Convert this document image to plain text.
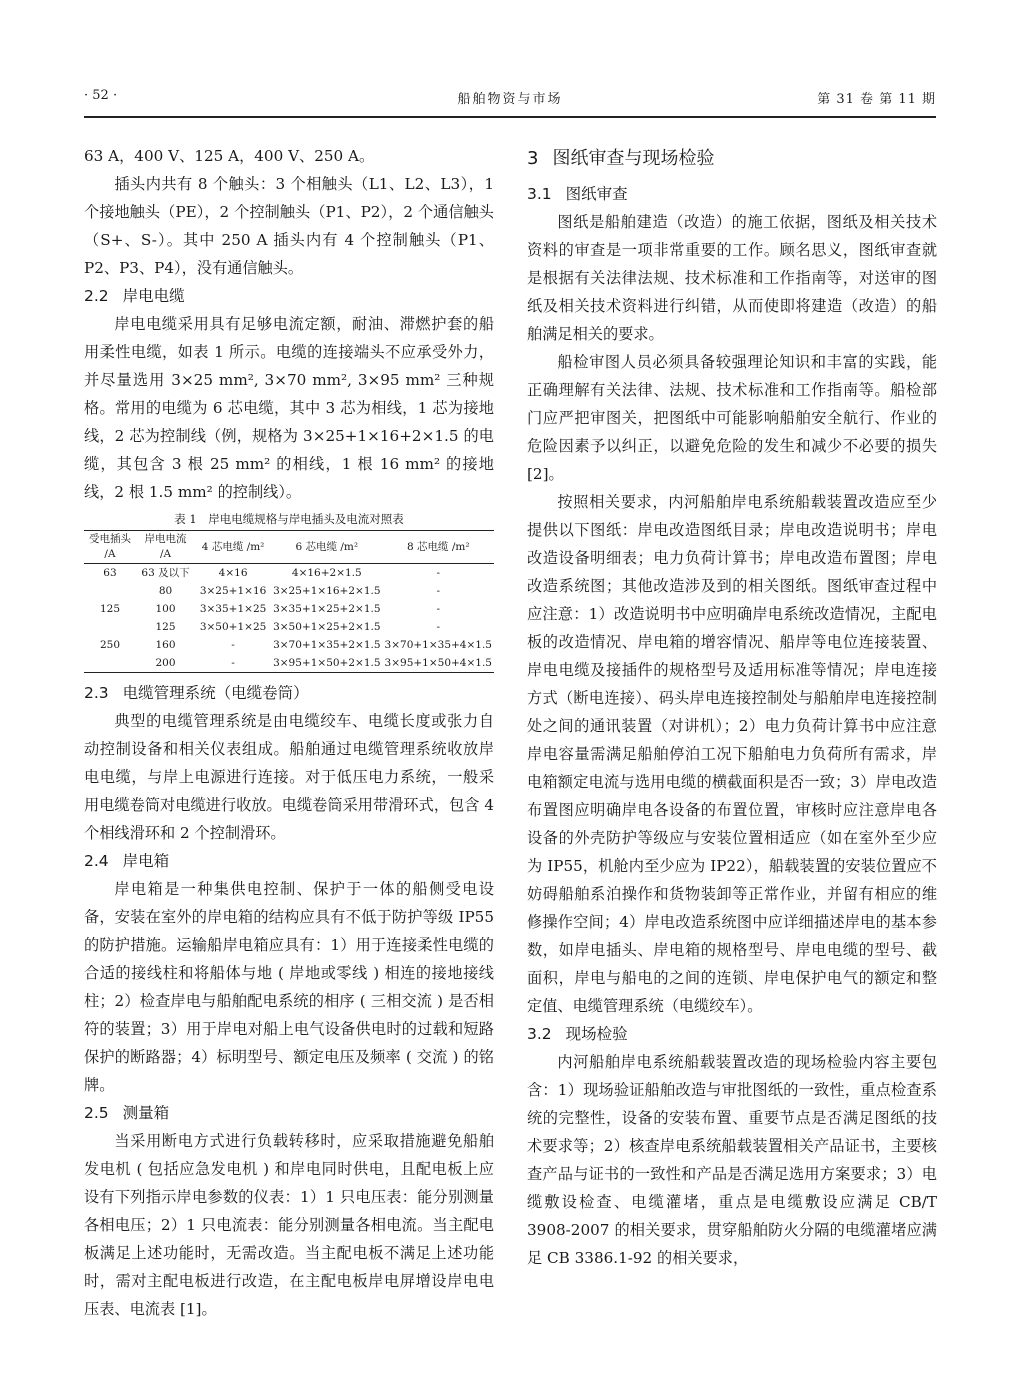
· 52 ·	船舶物资与市场	第 31 卷 第 11 期

63 A，400 V、125 A，400 V、250 A。

插头内共有 8 个触头：3 个相触头（L1、L2、L3），1 个接地触头（PE），2 个控制触头（P1、P2），2 个通信触头（S+、S-）。其中 250 A 插头内有 4 个控制触头（P1、P2、P3、P4），没有通信触头。

2.2 岸电电缆

岸电电缆采用具有足够电流定额，耐油、滞燃护套的船用柔性电缆，如表 1 所示。电缆的连接端头不应承受外力，并尽量选用 3×25 mm², 3×70 mm², 3×95 mm² 三种规格。常用的电缆为 6 芯电缆，其中 3 芯为相线，1 芯为接地线，2 芯为控制线（例，规格为 3×25+1×16+2×1.5 的电缆，其包含 3 根 25 mm² 的相线，1 根 16 mm² 的接地线，2 根 1.5 mm² 的控制线）。

表 1　岸电电缆规格与岸电插头及电流对照表
受电插头 /A	岸电电流 /A	4 芯电缆 /m²	6 芯电缆 /m²	8 芯电缆 /m²
63	63 及以下	4×16	4×16+2×1.5	-
	80	3×25+1×16	3×25+1×16+2×1.5	-
125	100	3×35+1×25	3×35+1×25+2×1.5	-
	125	3×50+1×25	3×50+1×25+2×1.5	-
250	160	-	3×70+1×35+2×1.5	3×70+1×35+4×1.5
	200	-	3×95+1×50+2×1.5	3×95+1×50+4×1.5
2.3 电缆管理系统（电缆卷筒）

典型的电缆管理系统是由电缆绞车、电缆长度或张力自动控制设备和相关仪表组成。船舶通过电缆管理系统收放岸电电缆，与岸上电源进行连接。对于低压电力系统，一般采用电缆卷筒对电缆进行收放。电缆卷筒采用带滑环式，包含 4 个相线滑环和 2 个控制滑环。

2.4 岸电箱

岸电箱是一种集供电控制、保护于一体的船侧受电设备，安装在室外的岸电箱的结构应具有不低于防护等级 IP55 的防护措施。运输船岸电箱应具有：1）用于连接柔性电缆的合适的接线柱和将船体与地 ( 岸地或零线 ) 相连的接地接线柱；2）检查岸电与船舶配电系统的相序 ( 三相交流 ) 是否相符的装置；3）用于岸电对船上电气设备供电时的过载和短路保护的断路器；4）标明型号、额定电压及频率 ( 交流 ) 的铭牌。

2.5 测量箱

当采用断电方式进行负载转移时，应采取措施避免船舶发电机 ( 包括应急发电机 ) 和岸电同时供电，且配电板上应设有下列指示岸电参数的仪表：1）1 只电压表：能分别测量各相电压；2）1 只电流表：能分别测量各相电流。当主配电板满足上述功能时，无需改造。当主配电板不满足上述功能时，需对主配电板进行改造，在主配电板岸电屏增设岸电电压表、电流表 [1]。

3 图纸审查与现场检验
3.1 图纸审查

图纸是船舶建造（改造）的施工依据，图纸及相关技术资料的审查是一项非常重要的工作。顾名思义，图纸审查就是根据有关法律法规、技术标准和工作指南等，对送审的图纸及相关技术资料进行纠错，从而使即将建造（改造）的船舶满足相关的要求。

船检审图人员必须具备较强理论知识和丰富的实践，能正确理解有关法律、法规、技术标准和工作指南等。船检部门应严把审图关，把图纸中可能影响船舶安全航行、作业的危险因素予以纠正，以避免危险的发生和减少不必要的损失 [2]。

按照相关要求，内河船舶岸电系统船载装置改造应至少提供以下图纸：岸电改造图纸目录；岸电改造说明书；岸电改造设备明细表；电力负荷计算书；岸电改造布置图；岸电改造系统图；其他改造涉及到的相关图纸。图纸审查过程中应注意：1）改造说明书中应明确岸电系统改造情况，主配电板的改造情况、岸电箱的增容情况、船岸等电位连接装置、岸电电缆及接插件的规格型号及适用标准等情况；岸电连接方式（断电连接）、码头岸电连接控制处与船舶岸电连接控制处之间的通讯装置（对讲机）；2）电力负荷计算书中应注意岸电容量需满足船舶停泊工况下船舶电力负荷所有需求，岸电箱额定电流与选用电缆的横截面积是否一致；3）岸电改造布置图应明确岸电各设备的布置位置，审核时应注意岸电各设备的外壳防护等级应与安装位置相适应（如在室外至少应为 IP55，机舱内至少应为 IP22），船载装置的安装位置应不妨碍船舶系泊操作和货物装卸等正常作业，并留有相应的维修操作空间；4）岸电改造系统图中应详细描述岸电的基本参数，如岸电插头、岸电箱的规格型号、岸电电缆的型号、截面积，岸电与船电的之间的连锁、岸电保护电气的额定和整定值、电缆管理系统（电缆绞车）。

3.2 现场检验

内河船舶岸电系统船载装置改造的现场检验内容主要包含：1）现场验证船舶改造与审批图纸的一致性，重点检查系统的完整性，设备的安装布置、重要节点是否满足图纸的技术要求等；2）核查岸电系统船载装置相关产品证书，主要核查产品与证书的一致性和产品是否满足选用方案要求；3）电缆敷设检查、电缆灌堵，重点是电缆敷设应满足 CB/T 3908-2007 的相关要求，贯穿船舶防火分隔的电缆灌堵应满足 CB 3386.1-92 的相关要求，
